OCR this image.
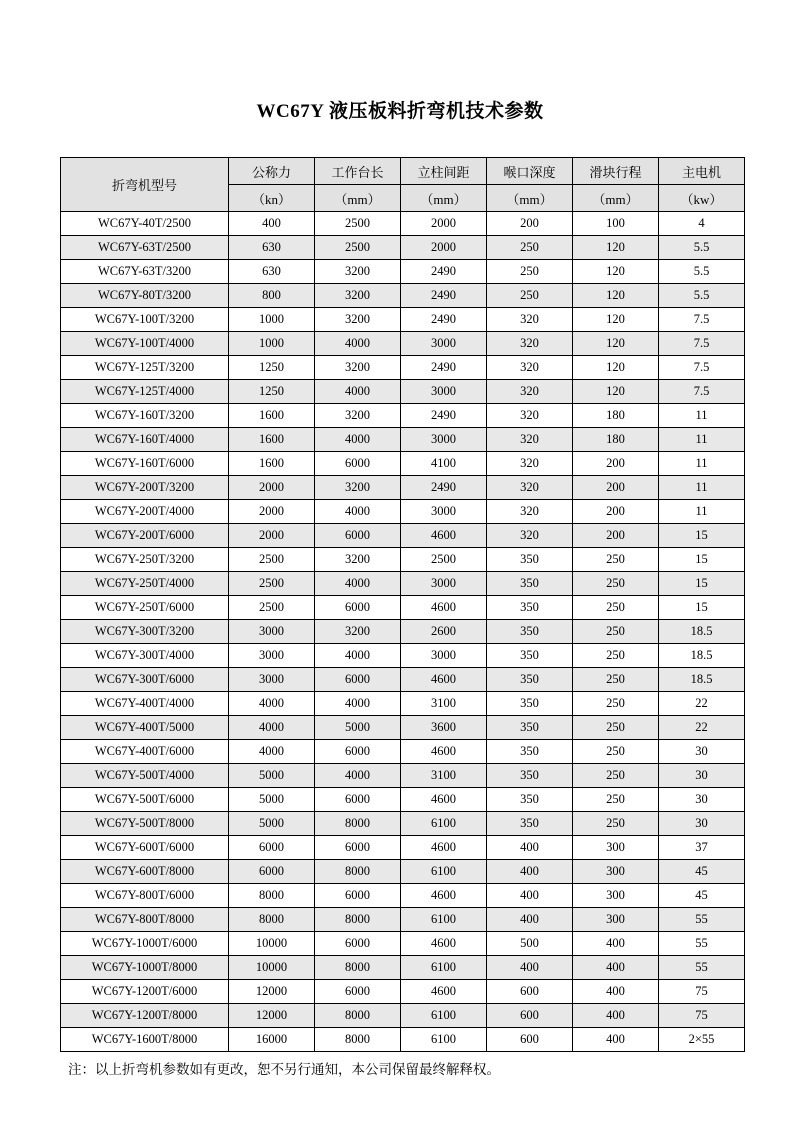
WC67Y 液压板料折弯机技术参数
折弯机型号	公称力	工作台长	立柱间距	喉口深度	滑块行程	主电机
	（kn）	（mm）	（mm）	（mm）	（mm）	（kw）
WC67Y-40T/2500	400	2500	2000	200	100	4
WC67Y-63T/2500	630	2500	2000	250	120	5.5
WC67Y-63T/3200	630	3200	2490	250	120	5.5
WC67Y-80T/3200	800	3200	2490	250	120	5.5
WC67Y-100T/3200	1000	3200	2490	320	120	7.5
WC67Y-100T/4000	1000	4000	3000	320	120	7.5
WC67Y-125T/3200	1250	3200	2490	320	120	7.5
WC67Y-125T/4000	1250	4000	3000	320	120	7.5
WC67Y-160T/3200	1600	3200	2490	320	180	11
WC67Y-160T/4000	1600	4000	3000	320	180	11
WC67Y-160T/6000	1600	6000	4100	320	200	11
WC67Y-200T/3200	2000	3200	2490	320	200	11
WC67Y-200T/4000	2000	4000	3000	320	200	11
WC67Y-200T/6000	2000	6000	4600	320	200	15
WC67Y-250T/3200	2500	3200	2500	350	250	15
WC67Y-250T/4000	2500	4000	3000	350	250	15
WC67Y-250T/6000	2500	6000	4600	350	250	15
WC67Y-300T/3200	3000	3200	2600	350	250	18.5
WC67Y-300T/4000	3000	4000	3000	350	250	18.5
WC67Y-300T/6000	3000	6000	4600	350	250	18.5
WC67Y-400T/4000	4000	4000	3100	350	250	22
WC67Y-400T/5000	4000	5000	3600	350	250	22
WC67Y-400T/6000	4000	6000	4600	350	250	30
WC67Y-500T/4000	5000	4000	3100	350	250	30
WC67Y-500T/6000	5000	6000	4600	350	250	30
WC67Y-500T/8000	5000	8000	6100	350	250	30
WC67Y-600T/6000	6000	6000	4600	400	300	37
WC67Y-600T/8000	6000	8000	6100	400	300	45
WC67Y-800T/6000	8000	6000	4600	400	300	45
WC67Y-800T/8000	8000	8000	6100	400	300	55
WC67Y-1000T/6000	10000	6000	4600	500	400	55
WC67Y-1000T/8000	10000	8000	6100	400	400	55
WC67Y-1200T/6000	12000	6000	4600	600	400	75
WC67Y-1200T/8000	12000	8000	6100	600	400	75
WC67Y-1600T/8000	16000	8000	6100	600	400	2×55
注：以上折弯机参数如有更改，恕不另行通知，本公司保留最终解释权。
